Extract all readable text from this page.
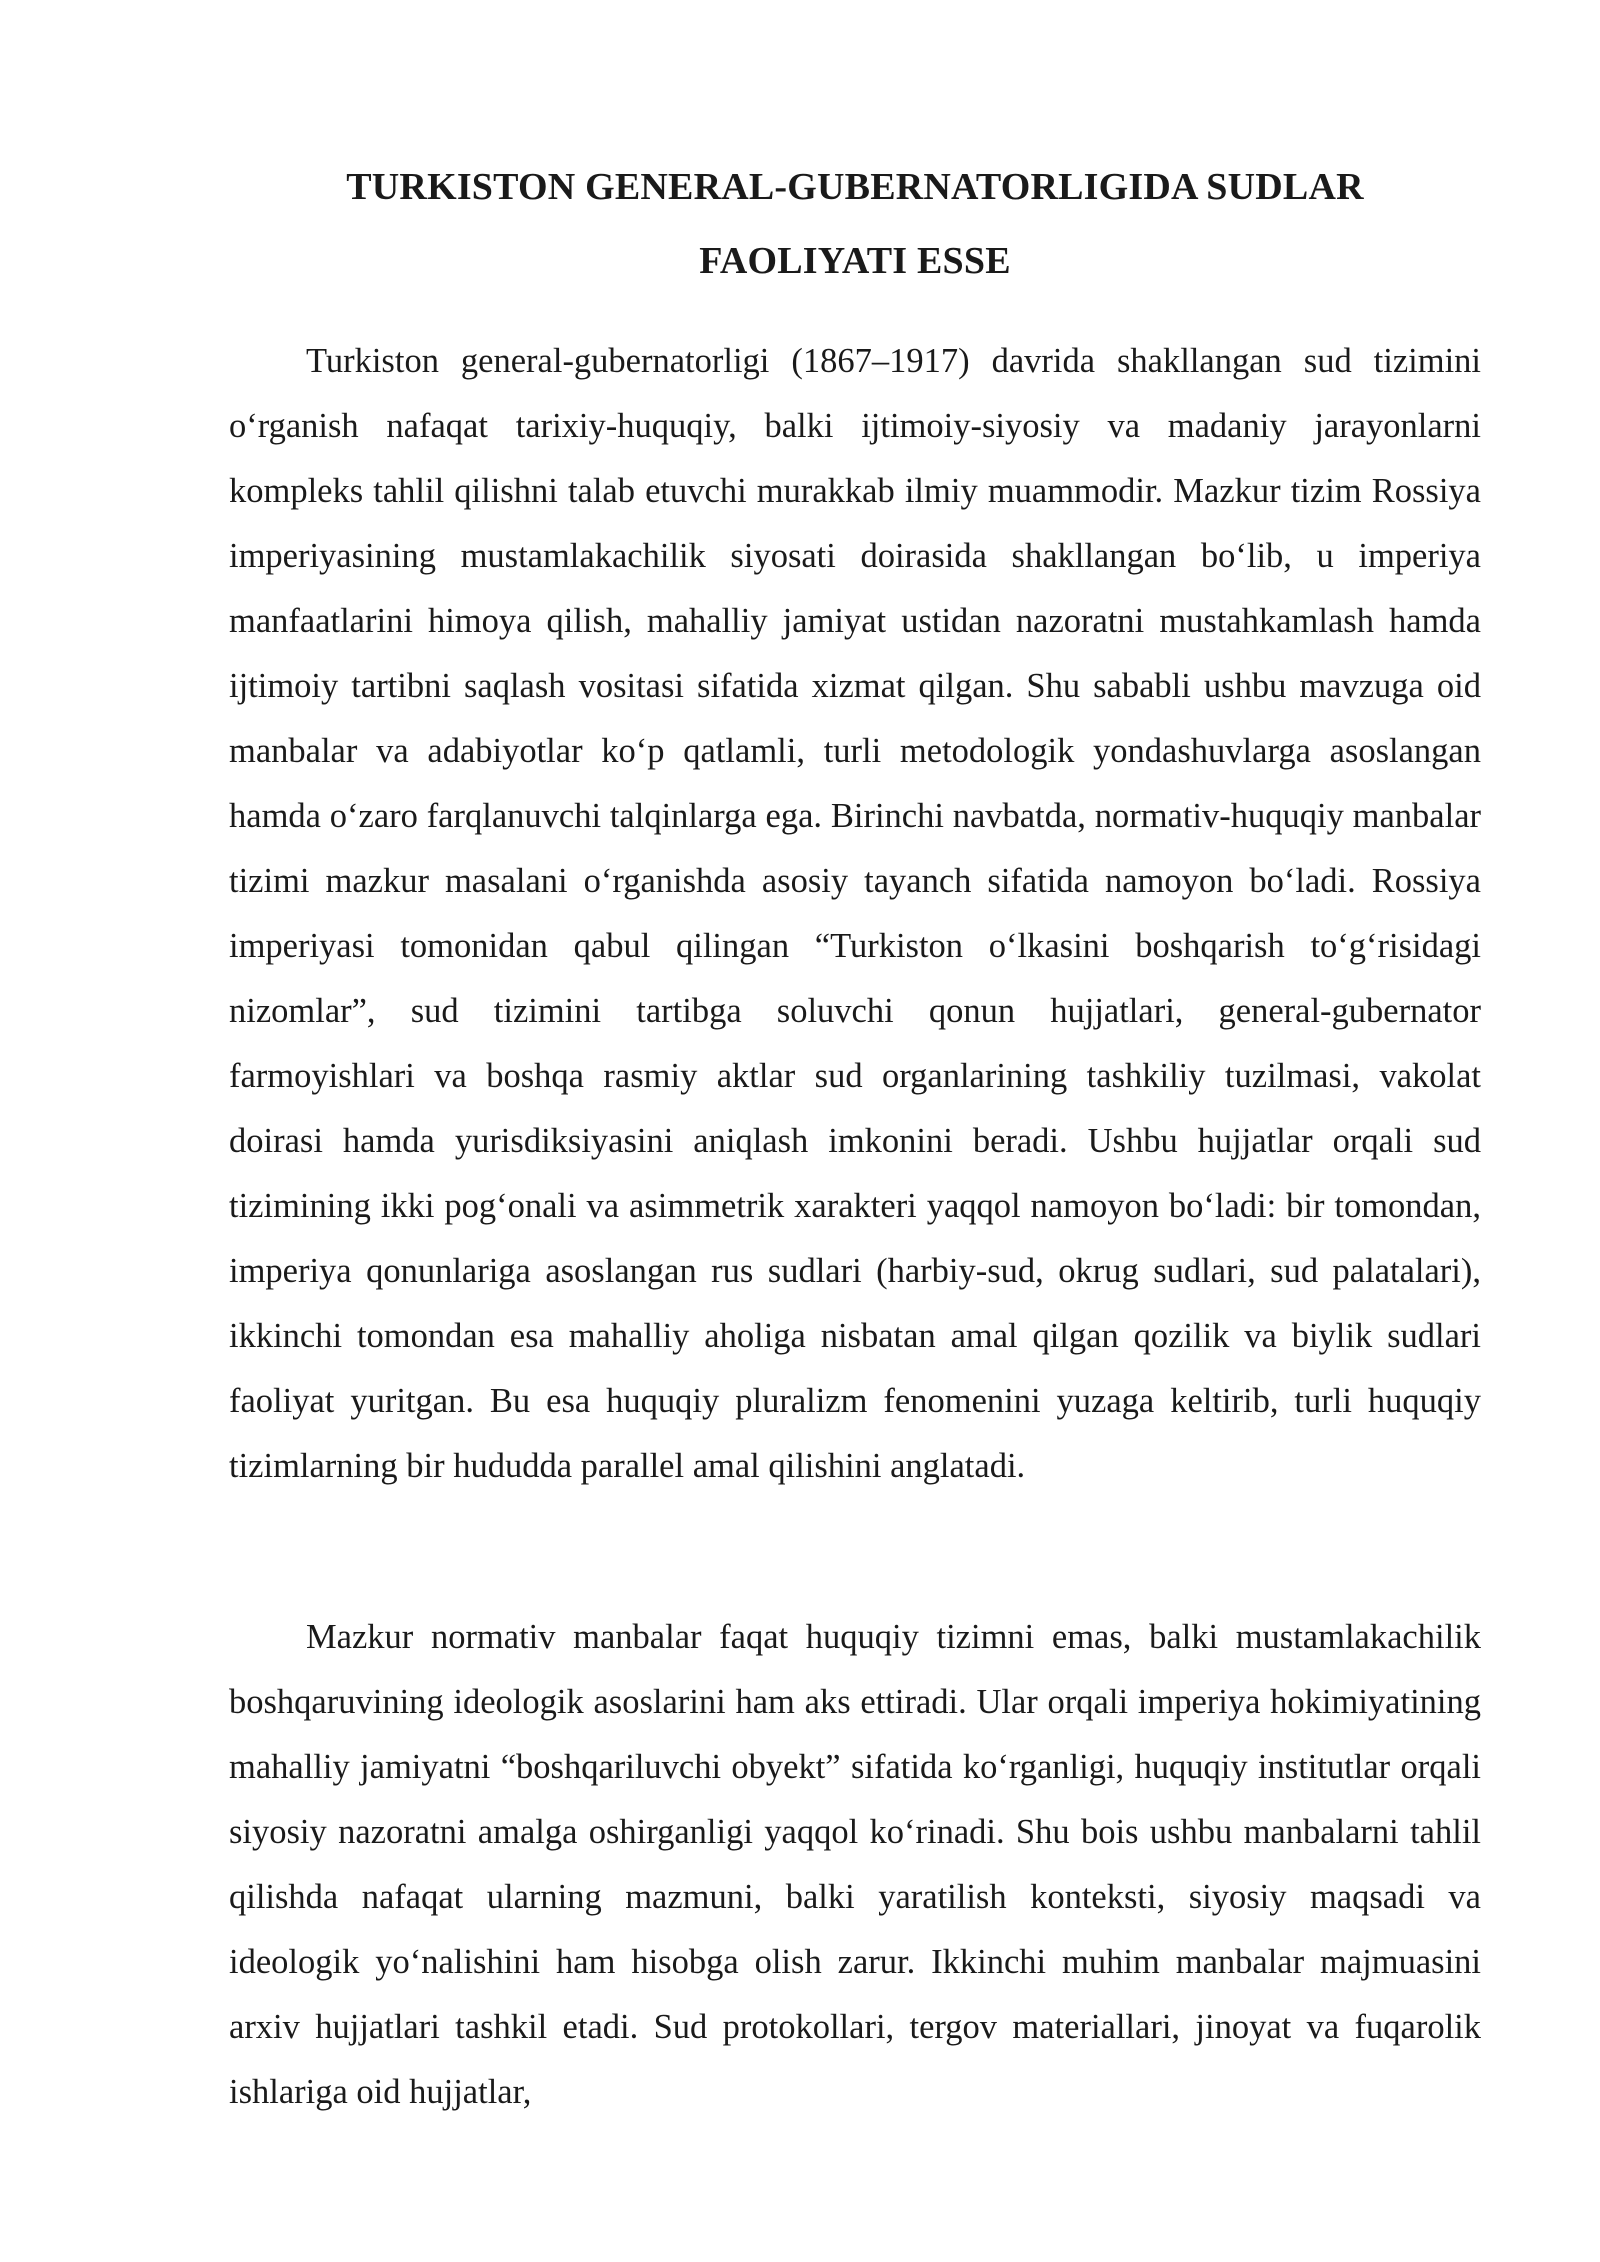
TURKISTON GENERAL-GUBERNATORLIGIDA SUDLAR
FAOLIYATI ESSE

Turkiston general-gubernatorligi (1867–1917) davrida shakllangan sud tizimini o‘rganish nafaqat tarixiy-huquqiy, balki ijtimoiy-siyosiy va madaniy jarayonlarni kompleks tahlil qilishni talab etuvchi murakkab ilmiy muammodir. Mazkur tizim Rossiya imperiyasining mustamlakachilik siyosati doirasida shakllangan bo‘lib, u imperiya manfaatlarini himoya qilish, mahalliy jamiyat ustidan nazoratni mustahkamlash hamda ijtimoiy tartibni saqlash vositasi sifatida xizmat qilgan. Shu sababli ushbu mavzuga oid manbalar va adabiyotlar ko‘p qatlamli, turli metodologik yondashuvlarga asoslangan hamda o‘zaro farqlanuvchi talqinlarga ega. Birinchi navbatda, normativ-huquqiy manbalar tizimi mazkur masalani o‘rganishda asosiy tayanch sifatida namoyon bo‘ladi. Rossiya imperiyasi tomonidan qabul qilingan “Turkiston o‘lkasini boshqarish to‘g‘risidagi nizomlar”, sud tizimini tartibga soluvchi qonun hujjatlari, general-gubernator farmoyishlari va boshqa rasmiy aktlar sud organlarining tashkiliy tuzilmasi, vakolat doirasi hamda yurisdiksiyasini aniqlash imkonini beradi. Ushbu hujjatlar orqali sud tizimining ikki pog‘onali va asimmetrik xarakteri yaqqol namoyon bo‘ladi: bir tomondan, imperiya qonunlariga asoslangan rus sudlari (harbiy-sud, okrug sudlari, sud palatalari), ikkinchi tomondan esa mahalliy aholiga nisbatan amal qilgan qozilik va biylik sudlari faoliyat yuritgan. Bu esa huquqiy pluralizm fenomenini yuzaga keltirib, turli huquqiy tizimlarning bir hududda parallel amal qilishini anglatadi.

Mazkur normativ manbalar faqat huquqiy tizimni emas, balki mustamlakachilik boshqaruvining ideologik asoslarini ham aks ettiradi. Ular orqali imperiya hokimiyatining mahalliy jamiyatni “boshqariluvchi obyekt” sifatida ko‘rganligi, huquqiy institutlar orqali siyosiy nazoratni amalga oshirganligi yaqqol ko‘rinadi. Shu bois ushbu manbalarni tahlil qilishda nafaqat ularning mazmuni, balki yaratilish konteksti, siyosiy maqsadi va ideologik yo‘nalishini ham hisobga olish zarur. Ikkinchi muhim manbalar majmuasini arxiv hujjatlari tashkil etadi. Sud protokollari, tergov materiallari, jinoyat va fuqarolik ishlariga oid hujjatlar,
